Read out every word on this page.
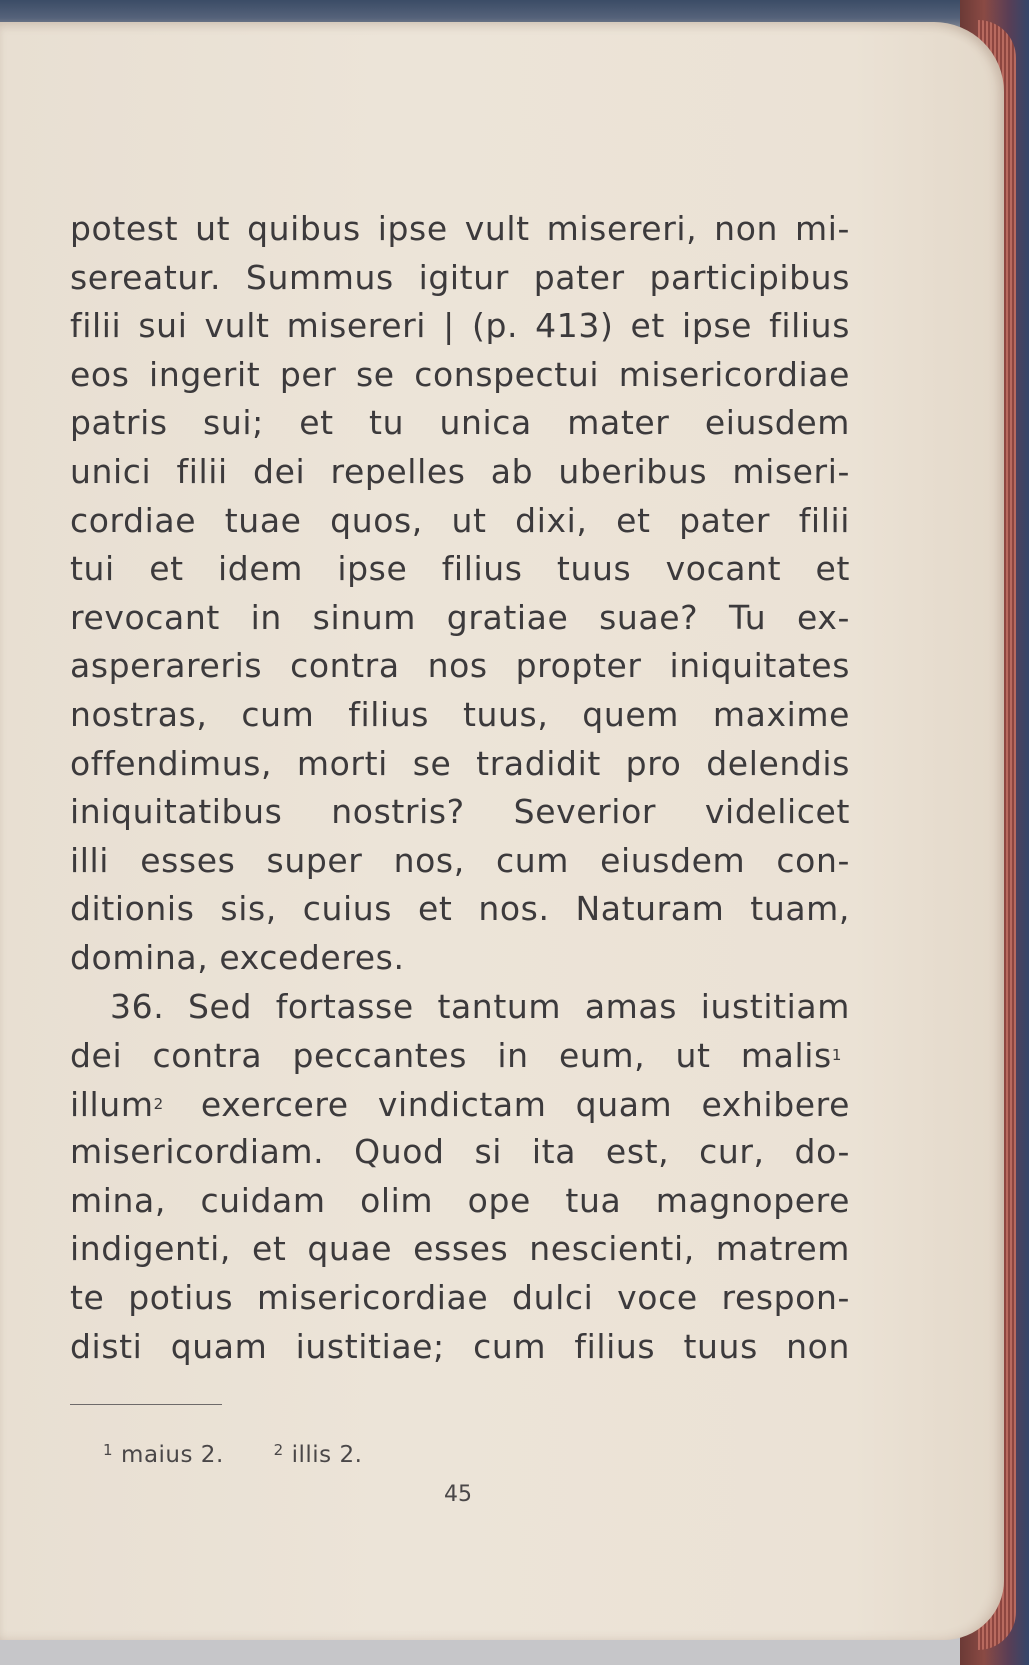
potest ut quibus ipse vult misereri, non mi-
sereatur. Summus igitur pater participibus
filii sui vult misereri | (p. 413) et ipse filius
eos ingerit per se conspectui misericordiae
patris sui; et tu unica mater eiusdem
unici filii dei repelles ab uberibus miseri-
cordiae tuae quos, ut dixi, et pater filii
tui et idem ipse filius tuus vocant et
revocant in sinum gratiae suae? Tu ex-
asperareris contra nos propter iniquitates
nostras, cum filius tuus, quem maxime
offendimus, morti se tradidit pro delendis
iniquitatibus nostris? Severior videlicet
illi esses super nos, cum eiusdem con-
ditionis sis, cuius et nos. Naturam tuam,
domina, excederes.
36. Sed fortasse tantum amas iustitiam
dei contra peccantes in eum, ut malis$^1$
illum$^2$ exercere vindictam quam exhibere
misericordiam. Quod si ita est, cur, do-
mina, cuidam olim ope tua magnopere
indigenti, et quae esses nescienti, matrem
te potius misericordiae dulci voce respon-
disti quam iustitiae; cum filius tuus non
$^1$ maius 2.	$^2$ illis 2.
45
